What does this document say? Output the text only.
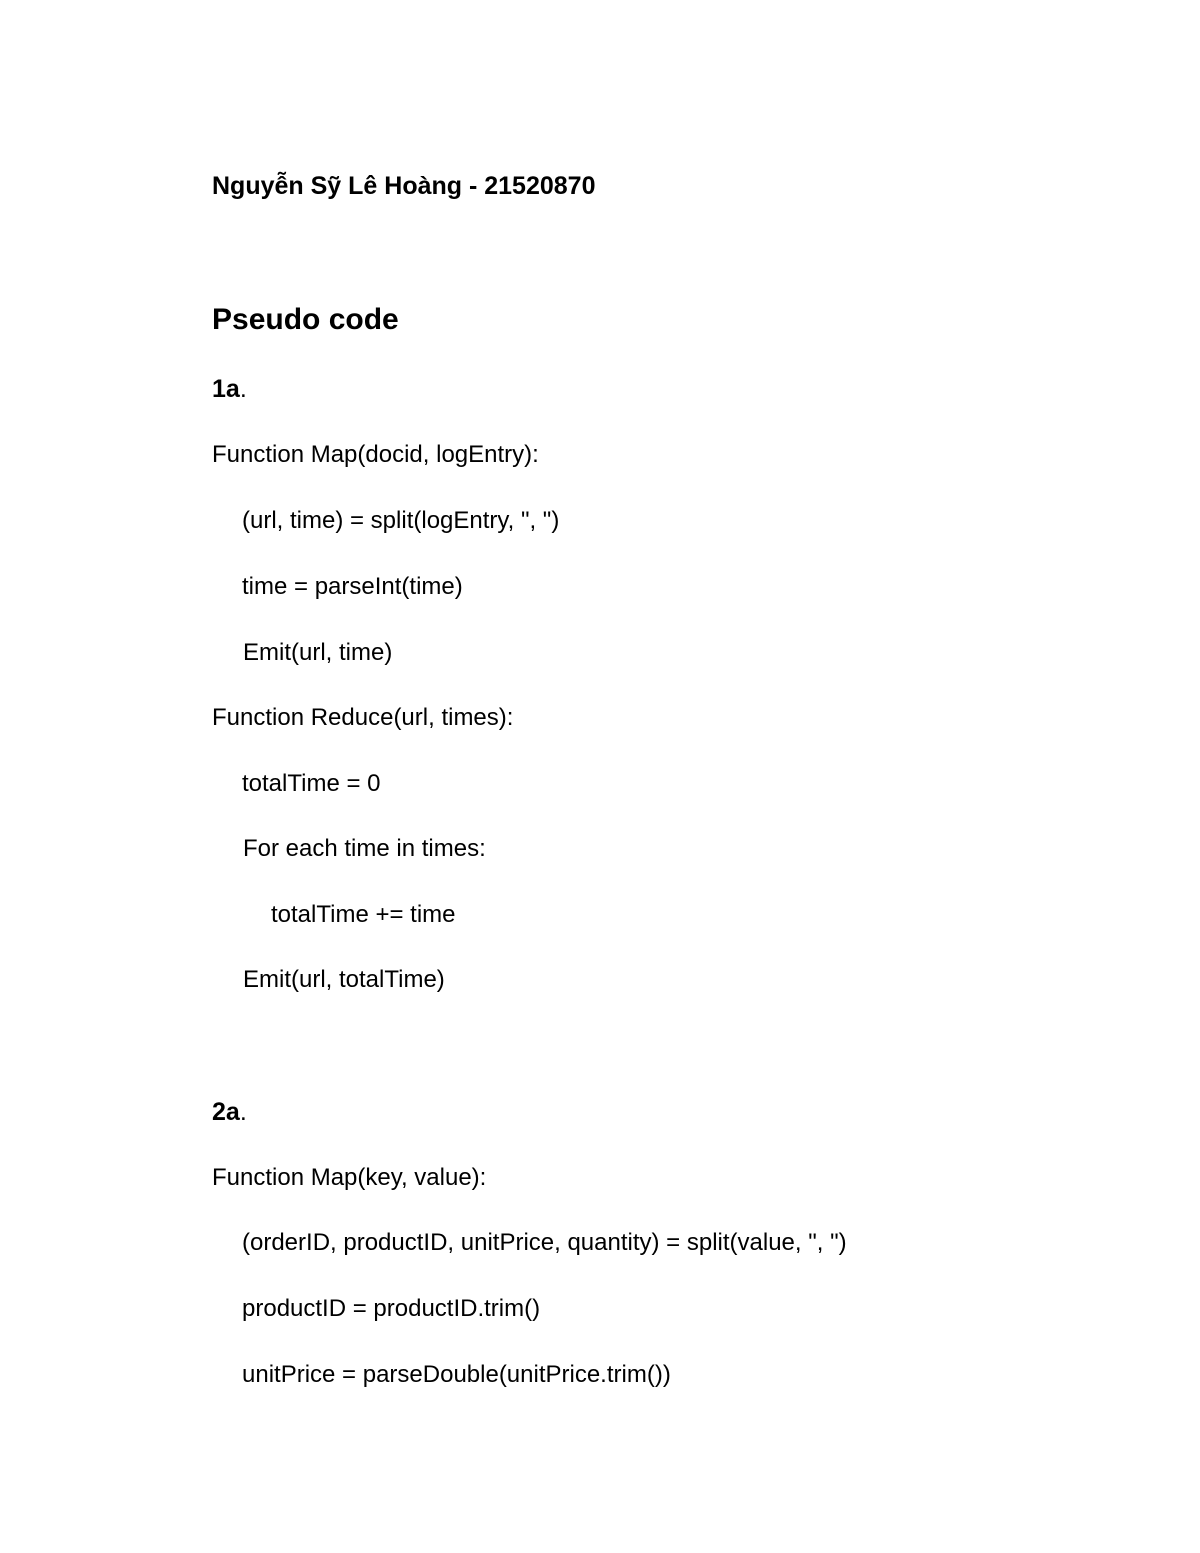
Nguyễn Sỹ Lê Hoàng - 21520870
Pseudo code
1a.
Function Map(docid, logEntry):
(url, time) = split(logEntry, ", ")
time = parseInt(time)
Emit(url, time)
Function Reduce(url, times):
totalTime = 0
For each time in times:
totalTime += time
Emit(url, totalTime)
2a.
Function Map(key, value):
(orderID, productID, unitPrice, quantity) = split(value, ", ")
productID = productID.trim()
unitPrice = parseDouble(unitPrice.trim())
